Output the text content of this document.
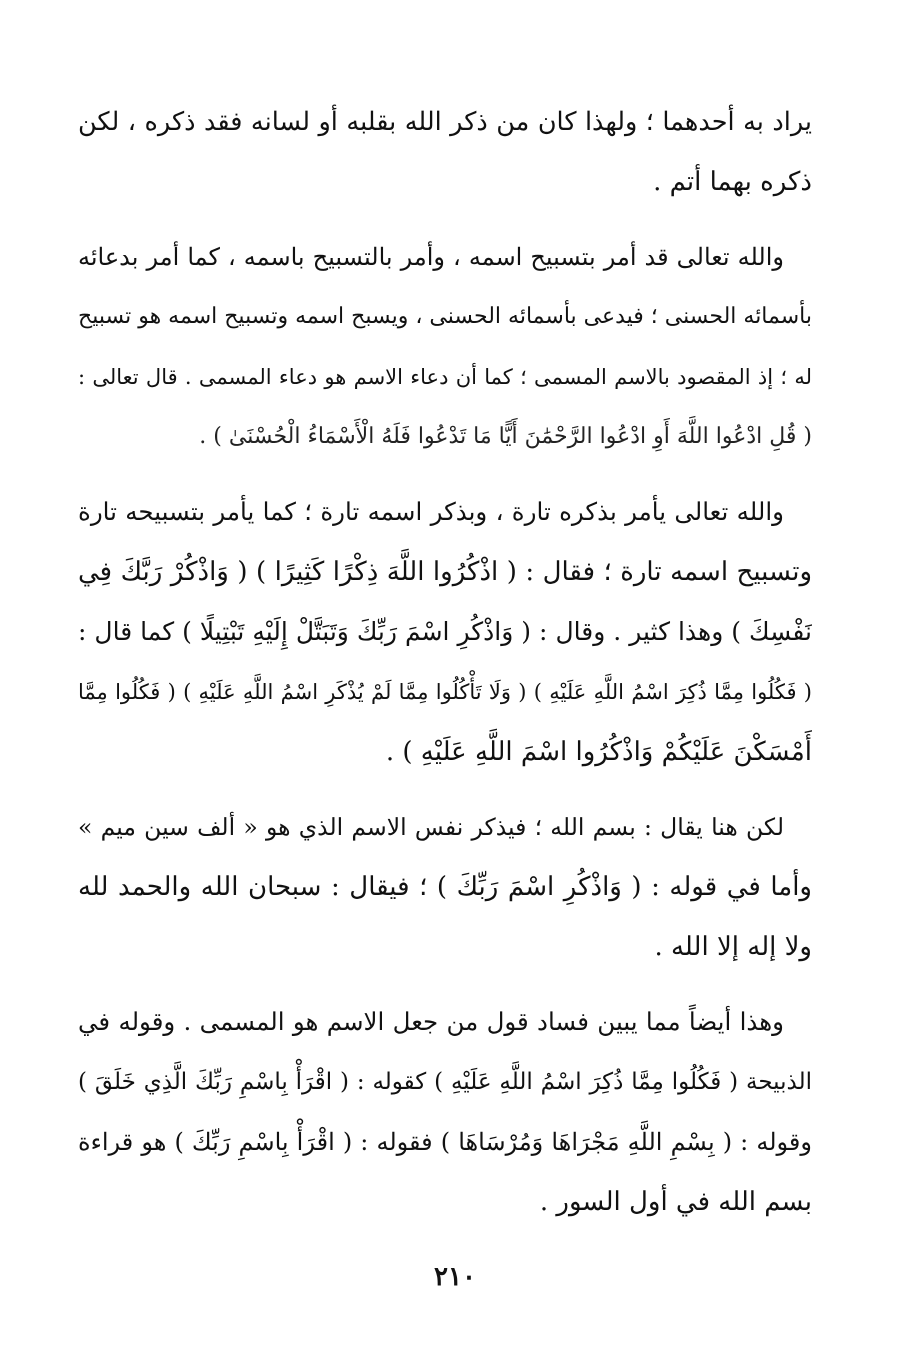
يراد به أحدهما ؛ ولهذا كان من ذكر الله بقلبه أو لسانه فقد ذكره ، لكن
ذكره بهما أتم .
والله تعالى قد أمر بتسبيح اسمه ، وأمر بالتسبيح باسمه ، كما أمر بدعائه
بأسمائه الحسنى ؛ فيدعى بأسمائه الحسنى ، ويسبح اسمه وتسبيح اسمه هو تسبيح
له ؛ إذ المقصود بالاسم المسمى ؛ كما أن دعاء الاسم هو دعاء المسمى . قال تعالى :
( قُلِ ادْعُوا اللَّهَ أَوِ ادْعُوا الرَّحْمَٰنَ أَيًّا مَا تَدْعُوا فَلَهُ الْأَسْمَاءُ الْحُسْنَىٰ ) .
والله تعالى يأمر بذكره تارة ، وبذكر اسمه تارة ؛ كما يأمر بتسبيحه تارة
وتسبيح اسمه تارة ؛ فقال : ( اذْكُرُوا اللَّهَ ذِكْرًا كَثِيرًا ) ( وَاذْكُرْ رَبَّكَ فِي
نَفْسِكَ ) وهذا كثير . وقال : ( وَاذْكُرِ اسْمَ رَبِّكَ وَتَبَتَّلْ إِلَيْهِ تَبْتِيلًا ) كما قال :
( فَكُلُوا مِمَّا ذُكِرَ اسْمُ اللَّهِ عَلَيْهِ ) ( وَلَا تَأْكُلُوا مِمَّا لَمْ يُذْكَرِ اسْمُ اللَّهِ عَلَيْهِ ) ( فَكُلُوا مِمَّا
أَمْسَكْنَ عَلَيْكُمْ وَاذْكُرُوا اسْمَ اللَّهِ عَلَيْهِ ) .
لكن هنا يقال : بسم الله ؛ فيذكر نفس الاسم الذي هو « ألف سين ميم »
وأما في قوله : ( وَاذْكُرِ اسْمَ رَبِّكَ ) ؛ فيقال : سبحان الله والحمد لله
ولا إله إلا الله .
وهذا أيضاً مما يبين فساد قول من جعل الاسم هو المسمى . وقوله في
الذبيحة ( فَكُلُوا مِمَّا ذُكِرَ اسْمُ اللَّهِ عَلَيْهِ ) كقوله : ( اقْرَأْ بِاسْمِ رَبِّكَ الَّذِي خَلَقَ )
وقوله : ( بِسْمِ اللَّهِ مَجْرَاهَا وَمُرْسَاهَا ) فقوله : ( اقْرَأْ بِاسْمِ رَبِّكَ ) هو قراءة
بسم الله في أول السور .
٢١٠
